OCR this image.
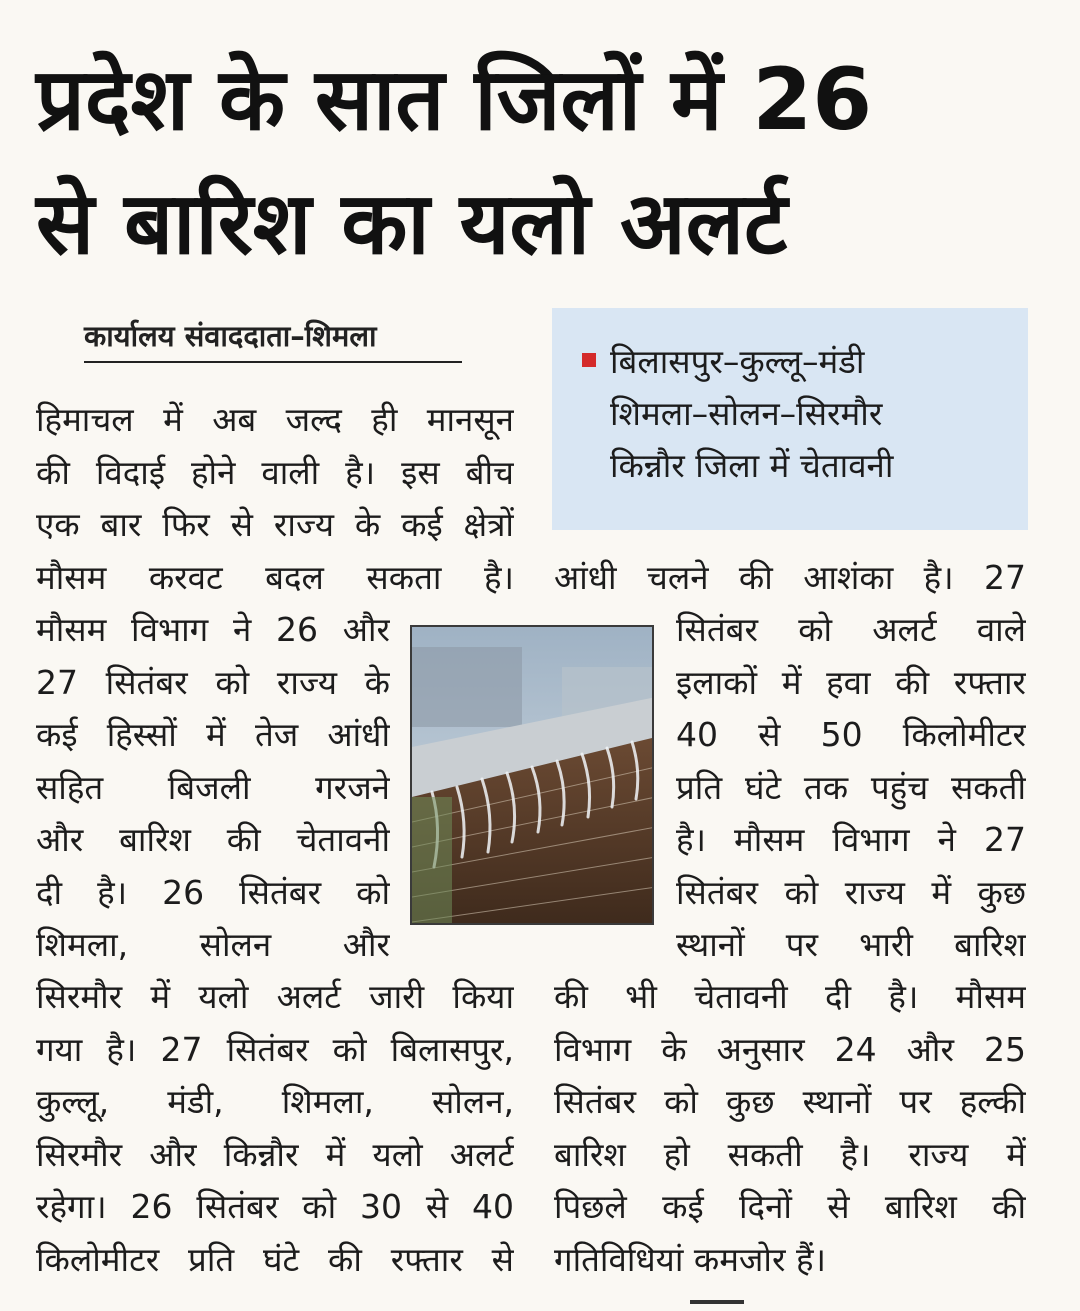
प्रदेश के सात जिलों में 26
से बारिश का यलो अलर्ट
कार्यालय संवाददाता–शिमला
बिलासपुर–कुल्लू–मंडी
शिमला–सोलन–सिरमौर
किन्नौर जिला में चेतावनी
हिमाचल में अब जल्द ही मानसून
की विदाई होने वाली है। इस बीच
एक बार फिर से राज्य के कई क्षेत्रों
मौसम करवट बदल सकता है।
मौसम विभाग ने 26 और
27 सितंबर को राज्य के
कई हिस्सों में तेज आंधी
सहित बिजली गरजने
और बारिश की चेतावनी
दी है। 26 सितंबर को
शिमला, सोलन और
सिरमौर में यलो अलर्ट जारी किया
गया है। 27 सितंबर को बिलासपुर,
कुल्लू, मंडी, शिमला, सोलन,
सिरमौर और किन्नौर में यलो अलर्ट
रहेगा। 26 सितंबर को 30 से 40
किलोमीटर प्रति घंटे की रफ्तार से
आंधी चलने की आशंका है। 27
सितंबर को अलर्ट वाले
इलाकों में हवा की रफ्तार
40 से 50 किलोमीटर
प्रति घंटे तक पहुंच सकती
है। मौसम विभाग ने 27
सितंबर को राज्य में कुछ
स्थानों पर भारी बारिश
की भी चेतावनी दी है। मौसम
विभाग के अनुसार 24 और 25
सितंबर को कुछ स्थानों पर हल्की
बारिश हो सकती है। राज्य में
पिछले कई दिनों से बारिश की
गतिविधियां कमजोर हैं।
